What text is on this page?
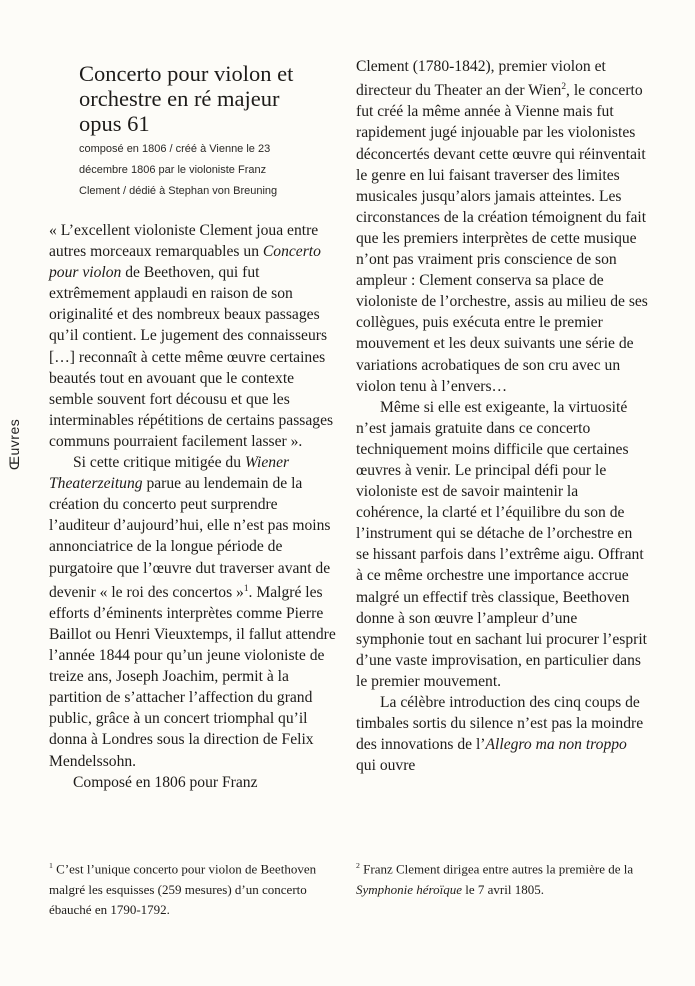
Œuvres
Concerto pour violon et
orchestre en ré majeur
opus 61
composé en 1806 / créé à Vienne le 23
décembre 1806 par le violoniste Franz
Clement / dédié à Stephan von Breuning

« L’excellent violoniste Clement joua entre autres morceaux remarquables un Concerto pour violon de Beethoven, qui fut extrêmement applaudi en raison de son originalité et des nombreux beaux passages qu’il contient. Le jugement des connaisseurs […] reconnaît à cette même œuvre certaines beautés tout en avouant que le contexte semble souvent fort décousu et que les interminables répétitions de certains passages communs pourraient facilement lasser ».

Si cette critique mitigée du Wiener Theaterzeitung parue au lendemain de la création du concerto peut surprendre l’auditeur d’aujourd’hui, elle n’est pas moins annonciatrice de la longue période de purgatoire que l’œuvre dut traverser avant de devenir « le roi des concertos »$^1$. Malgré les efforts d’éminents interprètes comme Pierre Baillot ou Henri Vieuxtemps, il fallut attendre l’année 1844 pour qu’un jeune violoniste de treize ans, Joseph Joachim, permit à la partition de s’attacher l’affection du grand public, grâce à un concert triomphal qu’il donna à Londres sous la direction de Felix Mendelssohn.

Composé en 1806 pour Franz

Clement (1780-1842), premier violon et directeur du Theater an der Wien$^2$, le concerto fut créé la même année à Vienne mais fut rapidement jugé injouable par les violonistes déconcertés devant cette œuvre qui réinventait le genre en lui faisant traverser des limites musicales jusqu’alors jamais atteintes. Les circonstances de la création témoignent du fait que les premiers interprètes de cette musique n’ont pas vraiment pris conscience de son ampleur : Clement conserva sa place de violoniste de l’orchestre, assis au milieu de ses collègues, puis exécuta entre le premier mouvement et les deux suivants une série de variations acrobatiques de son cru avec un violon tenu à l’envers…

Même si elle est exigeante, la virtuosité n’est jamais gratuite dans ce concerto techniquement moins difficile que certaines œuvres à venir. Le principal défi pour le violoniste est de savoir maintenir la cohérence, la clarté et l’équilibre du son de l’instrument qui se détache de l’orchestre en se hissant parfois dans l’extrême aigu. Offrant à ce même orchestre une importance accrue malgré un effectif très classique, Beethoven donne à son œuvre l’ampleur d’une symphonie tout en sachant lui procurer l’esprit d’une vaste improvisation, en particulier dans le premier mouvement.

La célèbre introduction des cinq coups de timbales sortis du silence n’est pas la moindre des innovations de l’Allegro ma non troppo qui ouvre

$^1$ C’est l’unique concerto pour violon de Beethoven malgré les esquisses (259 mesures) d’un concerto ébauché en 1790-1792.
$^2$ Franz Clement dirigea entre autres la première de la Symphonie héroïque le 7 avril 1805.
